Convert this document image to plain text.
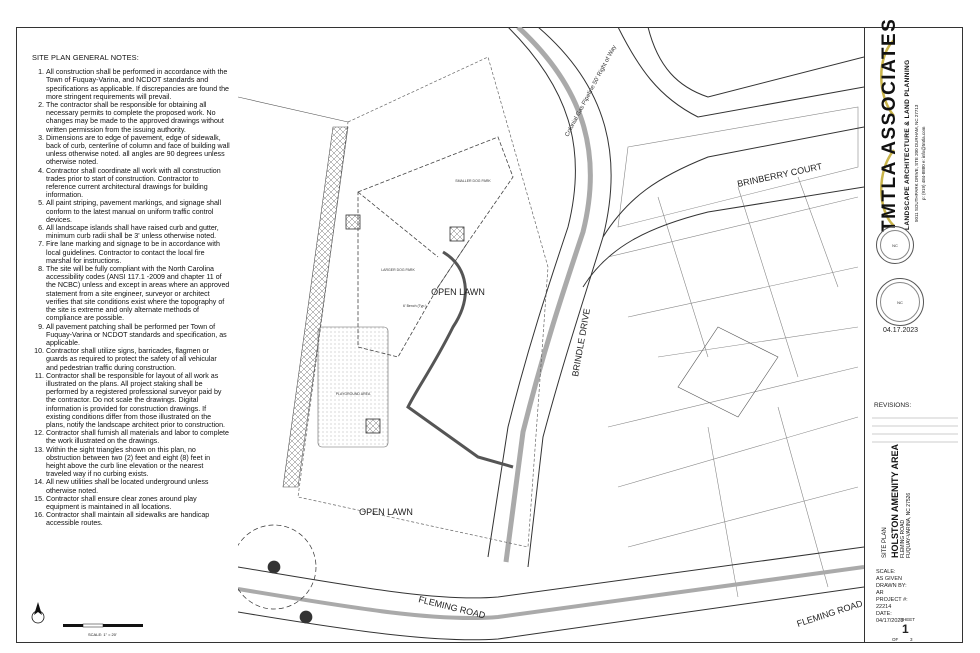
SITE PLAN GENERAL NOTES:
1. All construction shall be performed in accordance with the Town of Fuquay-Varina, and NCDOT standards and specifications as applicable. If discrepancies are found the more stringent requirements will prevail.
2. The contractor shall be responsible for obtaining all necessary permits to complete the proposed work. No changes may be made to the approved drawings without written permission from the issuing authority.
3. Dimensions are to edge of pavement, edge of sidewalk, back of curb, centerline of column and face of building wall unless otherwise noted. all angles are 90 degrees unless otherwise noted.
4. Contractor shall coordinate all work with all construction trades prior to start of construction. Contractor to reference current architectural drawings for building information.
5. All paint striping, pavement markings, and signage shall conform to the latest manual on uniform traffic control devices.
6. All landscape islands shall have raised curb and gutter, minimum curb radii shall be 3' unless otherwise noted.
7. Fire lane marking and signage to be in accordance with local guidelines. Contractor to contact the local fire marshal for instructions.
8. The site will be fully compliant with the North Carolina accessibility codes (ANSI 117.1 -2009 and chapter 11 of the NCBC) unless and except in areas where an approved statement from a site engineer, surveyor or architect verifies that site conditions exist where the topography of the site is extreme and only alternate methods of compliance are possible.
9. All pavement patching shall be performed per Town of Fuquay-Varina or NCDOT standards and specification, as applicable.
10. Contractor shall utilize signs, barricades, flagmen or guards as required to protect the safety of all vehicular and pedestrian traffic during construction.
11. Contractor shall be responsible for layout of all work as illustrated on the plans. All project staking shall be performed by a registered professional surveyor paid by the contractor. Do not scale the drawings. Digital information is provided for construction drawings. If existing conditions differ from those illustrated on the plans, notify the landscape architect prior to construction.
12. Contractor shall furnish all materials and labor to complete the work illustrated on the drawings.
13. Within the sight triangles shown on this plan, no obstruction between two (2) feet and eight (8) feet in height above the curb line elevation or the nearest traveled way if no curbing exists.
14. All new utilities shall be located underground unless otherwise noted.
15. Contractor shall ensure clear zones around play equipment is maintained in all locations.
16. Contractor shall maintain all sidewalks are handicap accessible routes.
OPEN LAWN
OPEN LAWN
SMALLER DOG PARK
LARGER DOG PARK
PLAYGROUND AREA
BRINBERRY COURT
BRINDLE DRIVE
FLEMING ROAD	FLEMING ROAD
Colonial Gas Pipeline 50' Right of Way
6' Bench (Typ.)
SCALE: 1" = 20'
TMTLA ASSOCIATES LANDSCAPE ARCHITECTURE & LAND PLANNING 5011 SOUTHPARK DRIVE, STE 200 DURHAM, NC 27713 p: (919) 484-8880 e: info@tmtla.com
NC
NC
04.17.2023
REVISIONS:
SITE PLAN HOLSTON AMENITY AREA FLEMING ROAD FUQUAY-VARINA, NC 27526
SCALE:
AS GIVEN
DRAWN BY:
AR
PROJECT #:
22214
DATE:
04/17/2023
SHEET
1
OF	3
